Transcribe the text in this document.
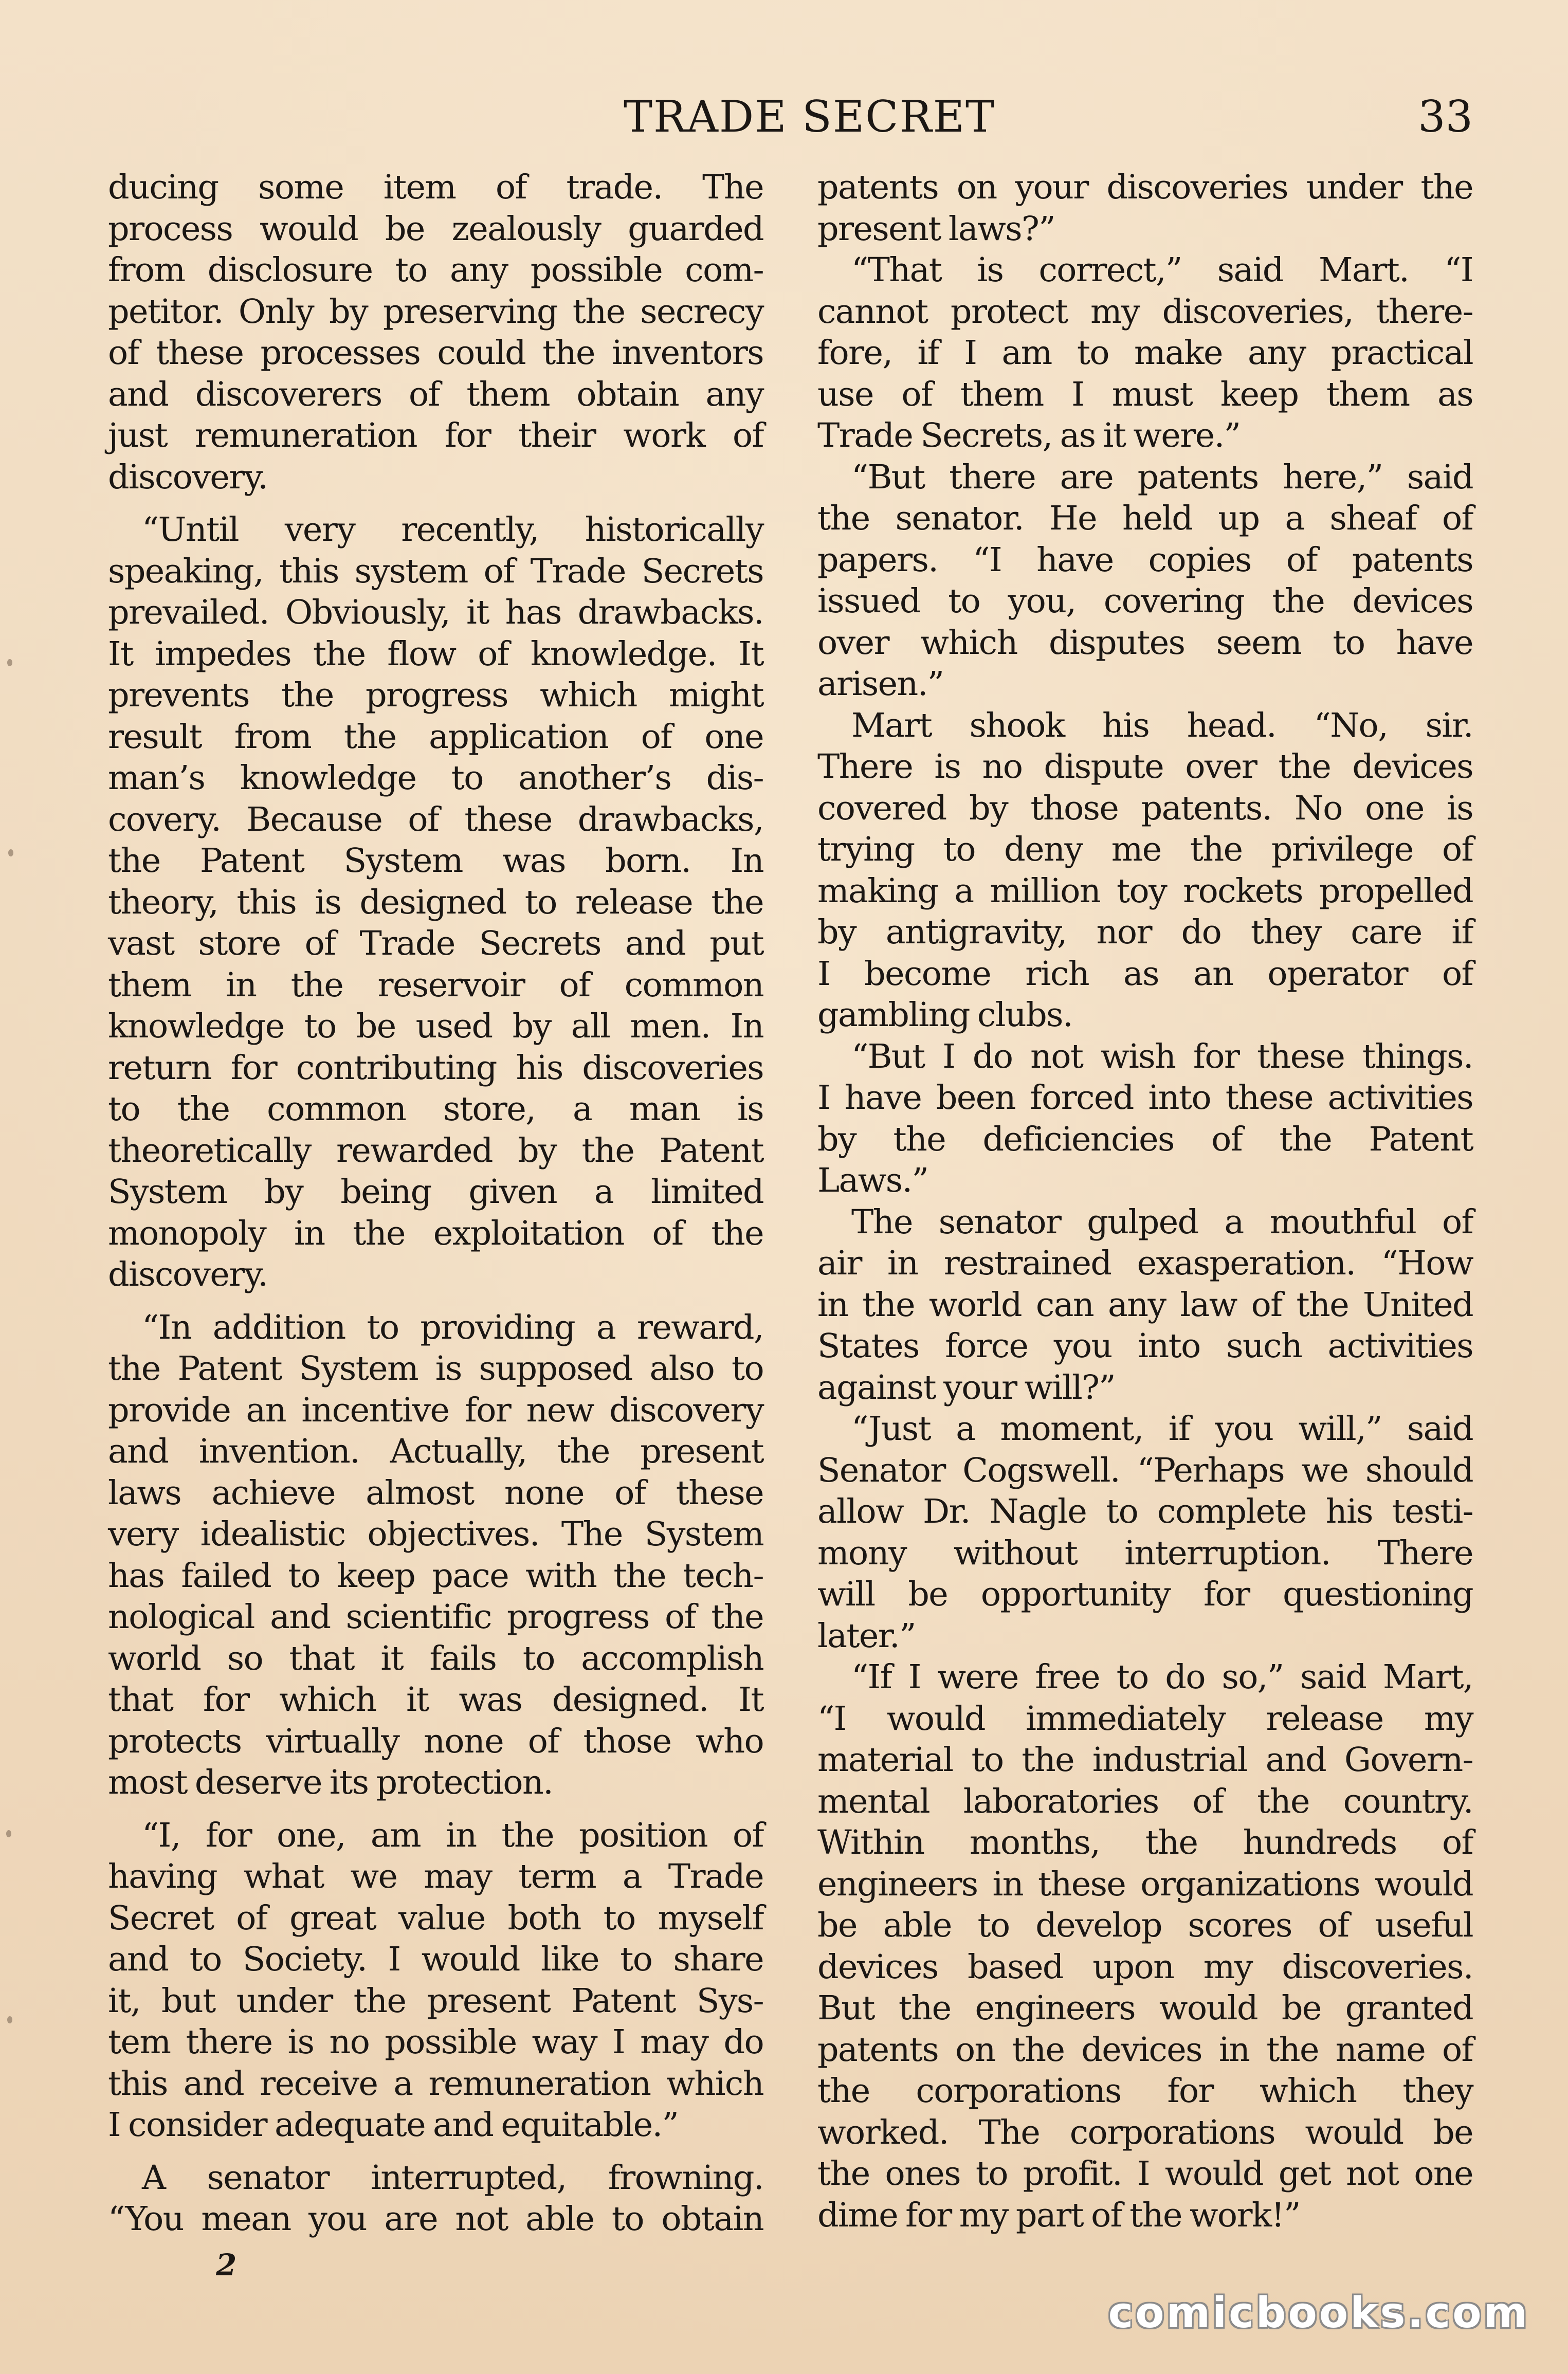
TRADE SECRET	33
ducing some item of trade. The
process would be zealously guarded
from disclosure to any possible com-
petitor. Only by preserving the secrecy
of these processes could the inventors
and discoverers of them obtain any
just remuneration for their work of
discovery.
“Until very recently, historically
speaking, this system of Trade Secrets
prevailed. Obviously, it has drawbacks.
It impedes the flow of knowledge. It
prevents the progress which might
result from the application of one
man’s knowledge to another’s dis-
covery. Because of these drawbacks,
the Patent System was born. In
theory, this is designed to release the
vast store of Trade Secrets and put
them in the reservoir of common
knowledge to be used by all men. In
return for contributing his discoveries
to the common store, a man is
theoretically rewarded by the Patent
System by being given a limited
monopoly in the exploitation of the
discovery.
“In addition to providing a reward,
the Patent System is supposed also to
provide an incentive for new discovery
and invention. Actually, the present
laws achieve almost none of these
very idealistic objectives. The System
has failed to keep pace with the tech-
nological and scientific progress of the
world so that it fails to accomplish
that for which it was designed. It
protects virtually none of those who
most deserve its protection.
“I, for one, am in the position of
having what we may term a Trade
Secret of great value both to myself
and to Society. I would like to share
it, but under the present Patent Sys-
tem there is no possible way I may do
this and receive a remuneration which
I consider adequate and equitable.”
A senator interrupted, frowning.
“You mean you are not able to obtain
patents on your discoveries under the
present laws?”
“That is correct,” said Mart. “I
cannot protect my discoveries, there-
fore, if I am to make any practical
use of them I must keep them as
Trade Secrets, as it were.”
“But there are patents here,” said
the senator. He held up a sheaf of
papers. “I have copies of patents
issued to you, covering the devices
over which disputes seem to have
arisen.”
Mart shook his head. “No, sir.
There is no dispute over the devices
covered by those patents. No one is
trying to deny me the privilege of
making a million toy rockets propelled
by antigravity, nor do they care if
I become rich as an operator of
gambling clubs.
“But I do not wish for these things.
I have been forced into these activities
by the deficiencies of the Patent
Laws.”
The senator gulped a mouthful of
air in restrained exasperation. “How
in the world can any law of the United
States force you into such activities
against your will?”
“Just a moment, if you will,” said
Senator Cogswell. “Perhaps we should
allow Dr. Nagle to complete his testi-
mony without interruption. There
will be opportunity for questioning
later.”
“If I were free to do so,” said Mart,
“I would immediately release my
material to the industrial and Govern-
mental laboratories of the country.
Within months, the hundreds of
engineers in these organizations would
be able to develop scores of useful
devices based upon my discoveries.
But the engineers would be granted
patents on the devices in the name of
the corporations for which they
worked. The corporations would be
the ones to profit. I would get not one
dime for my part of the work!”
2
comicbooks.com
